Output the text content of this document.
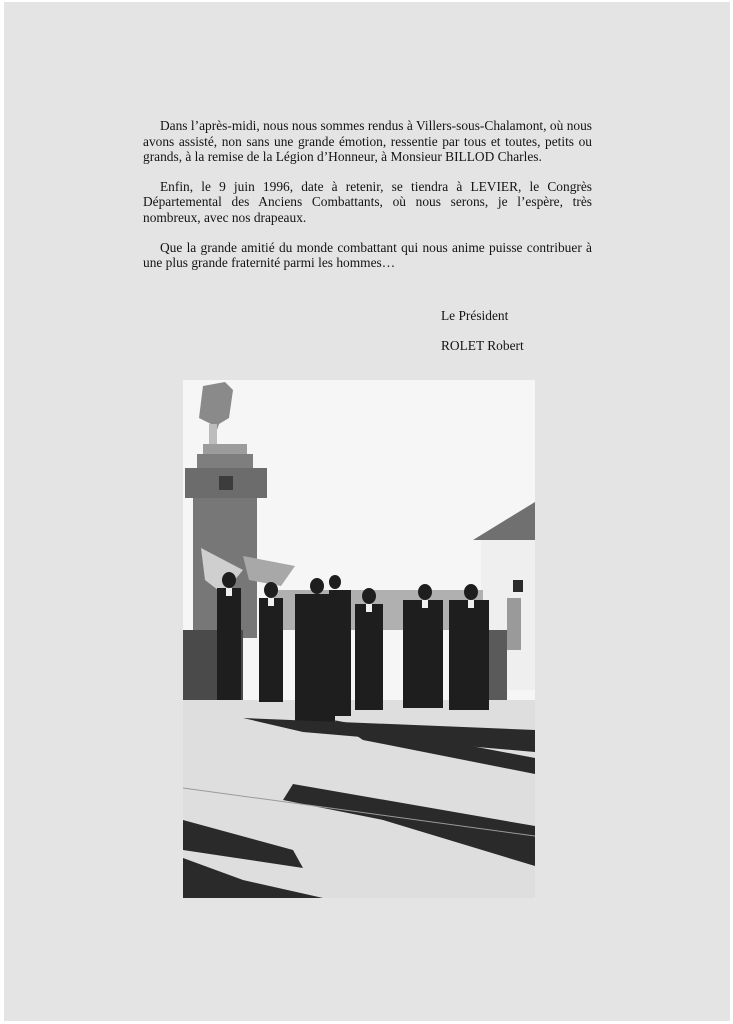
Dans l’après-midi, nous nous sommes rendus à Villers-sous-Chalamont, où nous avons assisté, non sans une grande émotion, ressentie par tous et toutes, petits ou grands, à la remise de la Légion d’Honneur, à Monsieur BILLOD Charles.

Enfin, le 9 juin 1996, date à retenir, se tiendra à LEVIER, le Congrès Départemental des Anciens Combattants, où nous serons, je l’espère, très nombreux, avec nos drapeaux.

Que la grande amitié du monde combattant qui nous anime puisse contribuer à une plus grande fraternité parmi les hommes…

Le Président
ROLET Robert
